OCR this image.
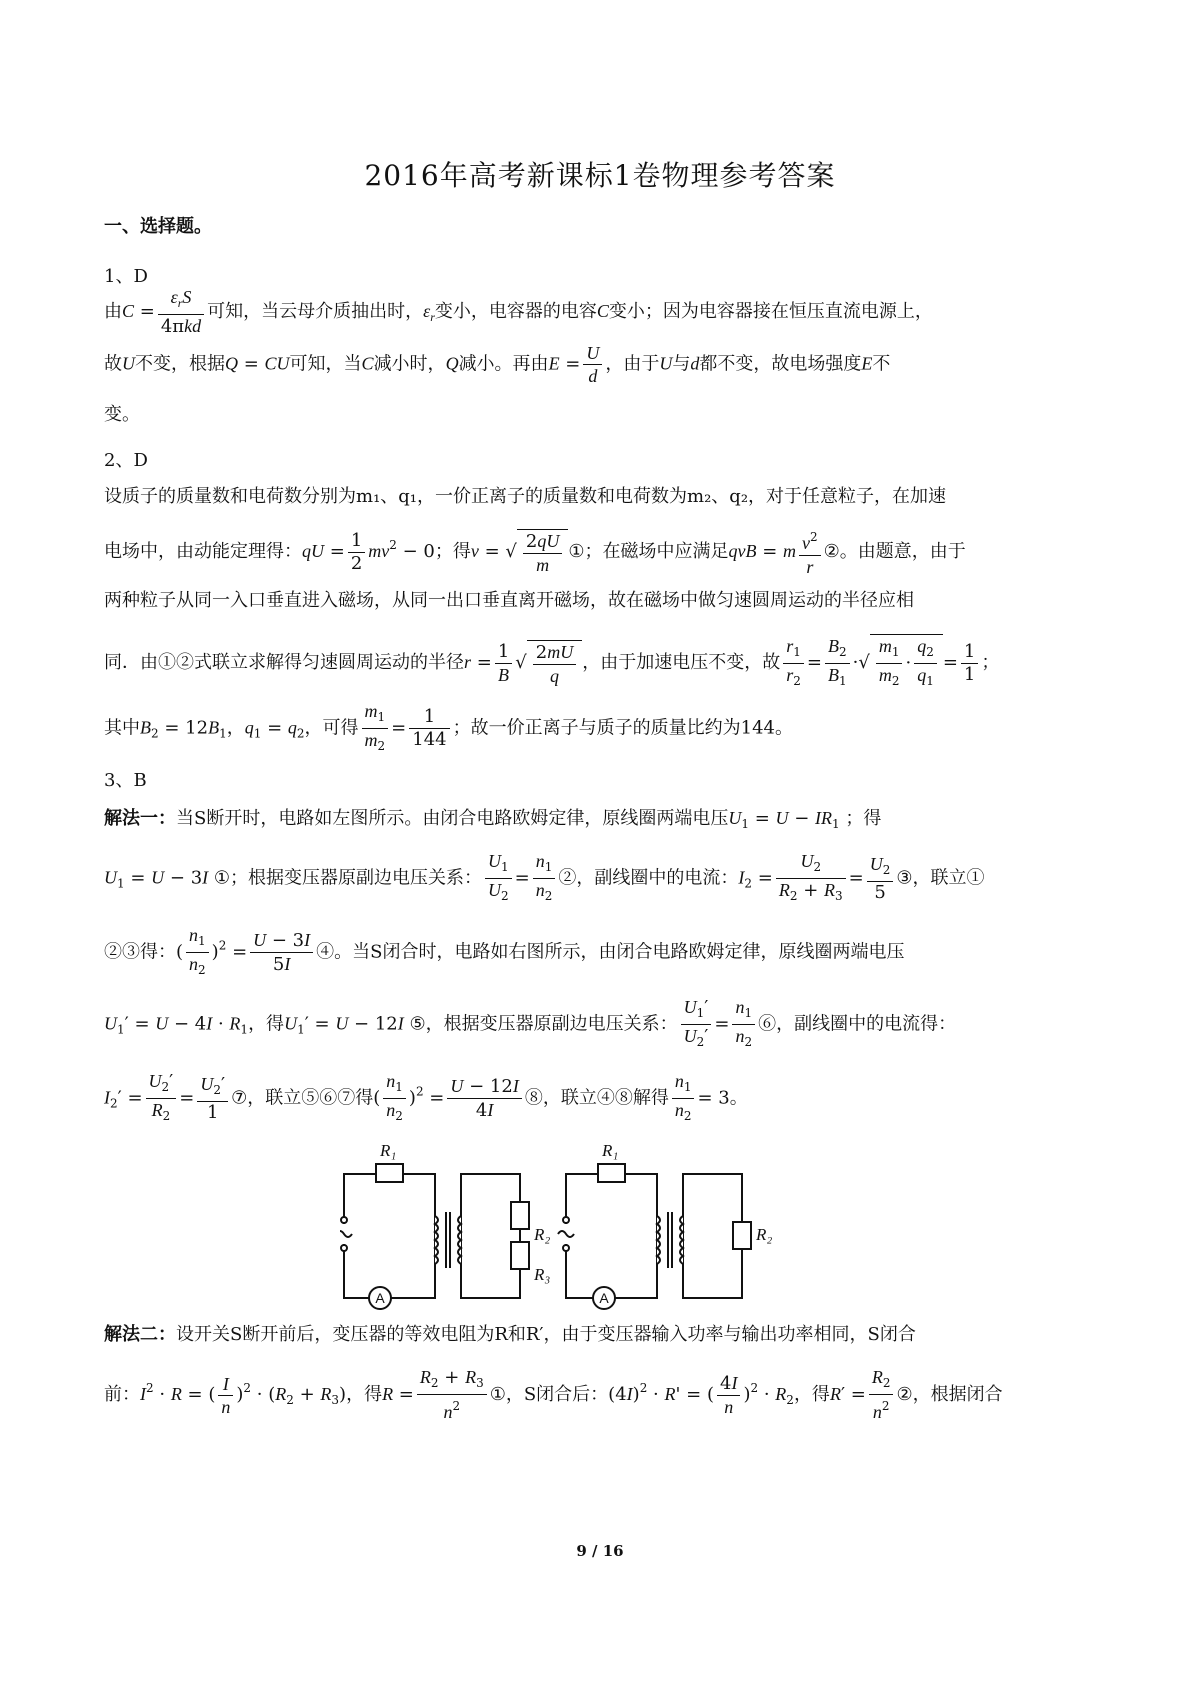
2016年高考新课标1卷物理参考答案
一、选择题。
1、D
由$C = \frac{\varepsilon_rS}{\text{4πkd}}$ 可知，当云母介质抽出时，$\varepsilon_r$变小，电容器的电容C变小；因为电容器接在恒压直流电源上，
故U不变，根据Q = CU可知，当C减小时，Q减小。再由$E = \frac{U}{d}$ ，由于U与d都不变，故电场强度E不
变。
2、D
设质子的质量数和电荷数分别为m₁、q₁，一价正离子的质量数和电荷数为m₂、q₂，对于任意粒子，在加速
电场中，由动能定理得：qU = $\frac{1}{2} mv^2 - 0$；得v = √ $\frac{2qU}{m}$ ①；在磁场中应满足qvB = m $\frac{v^2}{r}$ ②。由题意，由于
两种粒子从同一入口垂直进入磁场，从同一出口垂直离开磁场，故在磁场中做匀速圆周运动的半径应相
同．由①②式联立求解得匀速圆周运动的半径$r = \frac{1}{B}$ √ $\frac{2mU}{q}$ ，由于加速电压不变，故 $\frac{r_1}{r_2} = \frac{B_2}{B_1}$ ·√ $\frac{m_1}{m_2} \cdot \frac{q_2}{q_1} = \frac{1}{1}$ ；
其中$B_2 = 12B_1$，$q_1 = q_2$，可得 $\frac{m_1}{m_2} = \frac{1}{144}$ ；故一价正离子与质子的质量比约为144。
3、B
解法一：当S断开时，电路如左图所示。由闭合电路欧姆定律，原线圈两端电压$U_1 = U - IR_1$ ；得
$U_1 = U - 3I$ ①；根据变压器原副边电压关系： $\frac{U_1}{U_2} = \frac{n_1}{n_2}$ ②，副线圈中的电流：$I_2 = \frac{U_2}{R_2 + R_3} = \frac{U_2}{5}$ ③，联立①
②③得：( $\frac{n_1}{n_2} )^2 = \frac{U - 3I}{5I}$ ④。当S闭合时，电路如右图所示，由闭合电路欧姆定律，原线圈两端电压
$U_1' = U - 4I \cdot R_1$，得$U_1' = U - 12I$ ⑤，根据变压器原副边电压关系： $\frac{U_1'}{U_2'} = \frac{n_1}{n_2}$ ⑥，副线圈中的电流得：
$I_2' = \frac{U_2'}{R_2} = \frac{U_2'}{1}$ ⑦，联立⑤⑥⑦得( $\frac{n_1}{n_2} )^2 = \frac{U - 12I}{4I}$ ⑧，联立④⑧解得 $\frac{n_1}{n_2} = 3$。
R₁
R₂
R₃
R₁
R₂
A	A
解法二：设开关S断开前后，变压器的等效电阻为R和R′，由于变压器输入功率与输出功率相同，S闭合
前：$I^2 \cdot R$ = ( $\frac{I}{n} )^2 \cdot (R_2 + R_3)$，得$R = \frac{R_2 + R_3}{n^2}$ ①，S闭合后：$(4I)^2 \cdot R'$ = ( $\frac{4I}{n} )^2 \cdot R_2$，得$R' = \frac{R_2}{n^2}$ ②，根据闭合
9 / 16
